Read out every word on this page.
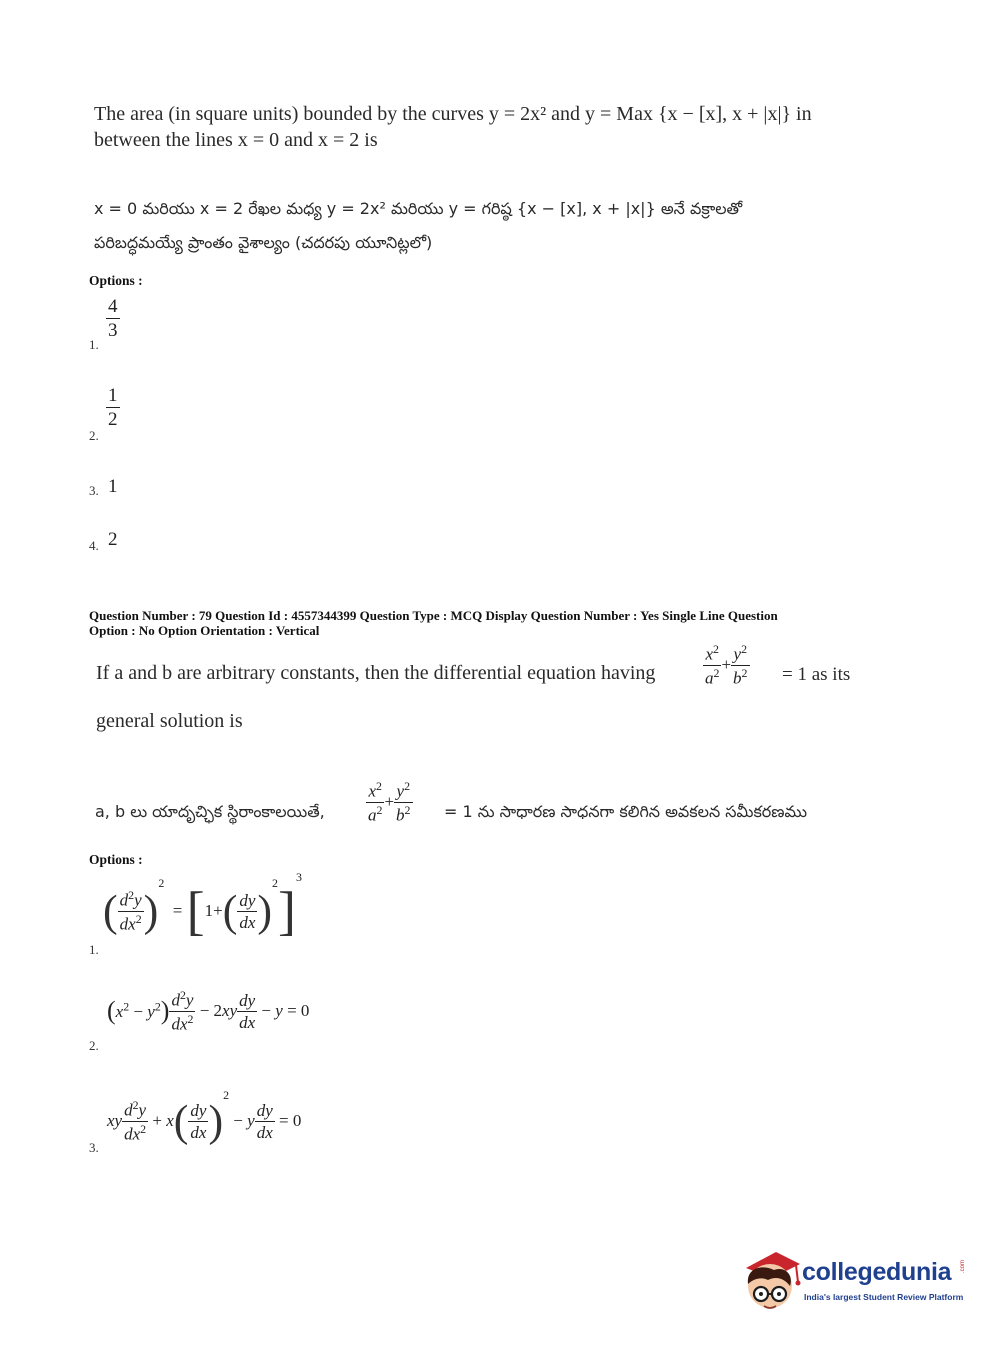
The area (in square units) bounded by the curves y = 2x² and y = Max {x − [x], x + |x|} in
between the lines x = 0 and x = 2 is
x = 0 మరియు x = 2 రేఖల మధ్య y = 2x² మరియు y = గరిష్ఠ {x − [x], x + |x|} అనే వక్రాలతో
పరిబద్ధమయ్యే ప్రాంతం వైశాల్యం (చదరపు యూనిట్లలో)
Options :
1.
$\frac{4}{3}$
2.
$\frac{1}{2}$
3. 1
4. 2
Question Number : 79 Question Id : 4557344399 Question Type : MCQ Display Question Number : Yes Single Line Question
Option : No Option Orientation : Vertical
If a and b are arbitrary constants, then the differential equation having	$\frac{x^2}{a^2} + \frac{y^2}{b^2} = 1$ as its
general solution is
a, b లు యాదృచ్ఛిక స్థిరాంకాలయితే, $\frac{x^2}{a^2} + \frac{y^2}{b^2} = 1$ ను సాధారణ సాధనగా కలిగిన అవకలన సమీకరణము
Options :
1.
( $\frac{d^2y}{dx^2} )^2 = [1+( \frac{dy}{dx} )^2]^3$
2.
$(x^2 - y^2) \frac{d^2y}{dx^2} - 2xy \frac{dy}{dx} - y = 0$
3.
xy $\frac{d^2y}{dx^2} + x( \frac{dy}{dx} )^2 - y \frac{dy}{dx} = 0$
collegedunia .com
India's largest Student Review Platform
